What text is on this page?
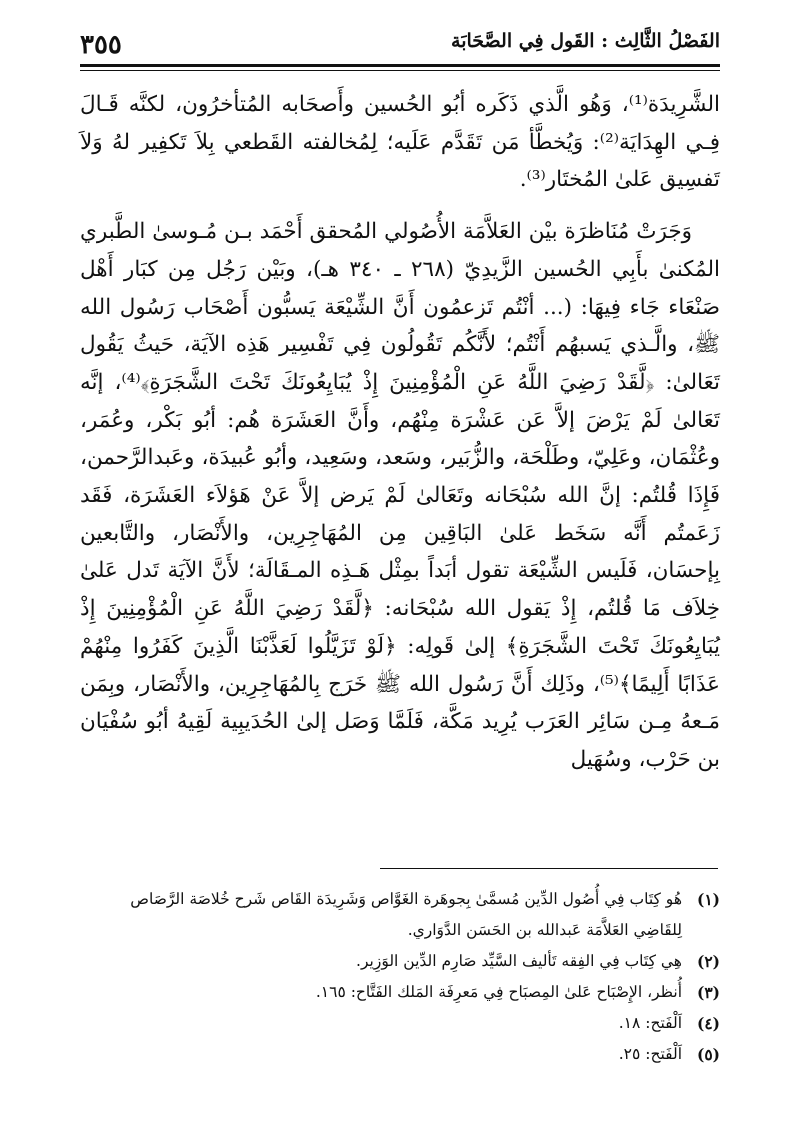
الفَصْلُ الثَّالِث : القَول فِي الصَّحَابَة
٣٥٥

الشَّرِيدَة⁽¹⁾، وَهُو الَّذي ذَكَره أبُو الحُسين وأَصحَابه المُتأخرُون، لكنَّه قَـالَ فِـي الهِدَايَة⁽²⁾: وَيُخطَّأ مَن تَقَدَّم عَلَيه؛ لِمُخالفته القَطعي بِلاَ تَكفِير لهُ وَلاَ تَفسِيق عَلىٰ المُختَار⁽³⁾.

وَجَرَتْ مُنَاظرَة بيْن العَلاَّمَة الأُصُولي المُحقق أَحْمَد بـن مُـوسىٰ الطَّبري المُكنىٰ بأَبِي الحُسين الزَّيدِيّ (٢٦٨ ـ ٣٤٠ هـ)، وبَيْن رَجُل مِن كبَار أَهْل صَنْعَاء جَاء فِيهَا: (... أنْتُم تَزعمُون أَنَّ الشِّيْعَة يَسبُّون أَصْحَاب رَسُول الله ﷺ، والَّـذي يَسبهُم أَنْتُم؛ لأَنَّكُم تَقُولُون فِي تَفْسِير هَذِه الآيَة، حَيثُ يَقُول تَعَالىٰ: ﴿لَّقَدْ رَضِيَ اللَّهُ عَنِ الْمُؤْمِنِينَ إِذْ يُبَايِعُونَكَ تَحْتَ الشَّجَرَةِ﴾⁽⁴⁾، إنَّه تَعَالىٰ لَمْ يَرْضَ إلاَّ عَن عَشْرَة مِنْهُم، وأَنَّ العَشَرَة هُم: أبُو بَكْر، وعُمَر، وعُثْمَان، وعَلِيّ، وطَلْحَة، والزُّبَير، وسَعد، وسَعِيد، وأبُو عُبيدَة، وعَبدالرَّحمن، فَإِذَا قُلتُم: إنَّ الله سُبْحَانه وتَعَالىٰ لَمْ يَرض إلاَّ عَنْ هَؤلاَء العَشَرَة، فَقَد زَعَمتُم أَنَّه سَخَط عَلىٰ البَاقِين مِن المُهَاجِرِين، والأَنْصَار، والتَّابعين بِإحسَان، فَلَيس الشِّيْعَة تقول أبَداً بمِثْل هَـذِه المـقَالَة؛ لأَنَّ الآيَة تَدل عَلىٰ خِلاَف مَا قُلتُم، إِذْ يَقول الله سُبْحَانه: ﴿لَّقَدْ رَضِيَ اللَّهُ عَنِ الْمُؤْمِنِينَ إِذْ يُبَايِعُونَكَ تَحْتَ الشَّجَرَةِ﴾ إلىٰ قَولِه: ﴿لَوْ تَزَيَّلُوا لَعَذَّبْنَا الَّذِينَ كَفَرُوا مِنْهُمْ عَذَابًا أَلِيمًا﴾⁽⁵⁾، وذَلِك أَنَّ رَسُول الله ﷺ خَرَج بِالمُهَاجِرِين، والأَنْصَار، وبِمَن مَـعهُ مِـن سَائِر العَرَب يُرِيد مَكَّة، فَلَمَّا وَصَل إلىٰ الحُدَيبِية لَقِيهُ أبُو سُفْيَان بن حَرْب، وسُهَيل

(١)
هُو كِتَاب فِي أُصُول الدِّين مُسمَّىٰ بِجوهَرة الغَوَّاص وَشَرِيدَة القَاص شَرح خُلاصَة الرَّصَاص لِلقَاضِي العَلاَّمَة عَبدالله بن الحَسَن الدَّوَاري.
(٢)
هِي كِتَاب فِي الفِقه تَأليف السَّيِّد صَارِم الدِّين الوَزِير.
(٣)
أُنظر، الإِصْبَاح عَلىٰ المِصبَاح فِي مَعرِفَة المَلك الفَتَّاح: ١٦٥.
(٤)
اَلْفَتح: ١٨.
(٥)
اَلْفَتح: ٢٥.
